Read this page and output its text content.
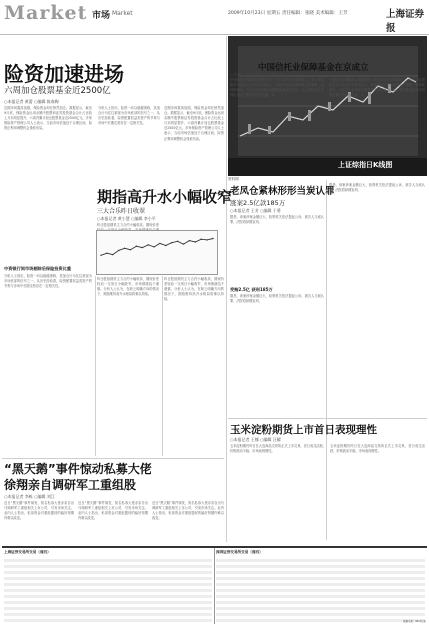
Market 市场 Market	2009年10月23日 星期五 责任编辑：张晓 美术编辑：王芳	上海证券报
险资加速进场
六周加仓股票基金近2500亿
○本报记者 黄蕾 ○编辑 陈春梅
近期市场震荡加剧，保险资金却在悄然加仓。数据显示，截至9月底，保险资金运用余额中股票和证券投资基金合计占比较上月末明显提升，六周内累计加仓股票基金近2500亿元。多家保险资产管理公司人士表示，当前市场估值处于合理区间，险资正利用调整机会逢低布局。
分析人士指出，险资一向以稳健著称，其加仓行为往往被视为市场底部的信号之一。从历史经验看，险资配置权益类资产的节奏与市场中长期走势存在一定相关性。
近期市场震荡加剧，保险资金却在悄然加仓。数据显示，截至9月底，保险资金运用余额中股票和证券投资基金合计占比较上月末明显提升，六周内累计加仓股票基金近2500亿元。多家保险资产管理公司人士表示，当前市场估值处于合理区间，险资正利用调整机会逢低布局。
中资银行间市场剔除后保险投资比重
分析人士指出，险资一向以稳健著称，其加仓行为往往被视为市场底部的信号之一。从历史经验看，险资配置权益类资产的节奏与市场中长期走势存在一定相关性。
上证综指日K线图
资料图
期指高升水小幅收窄
三大合乐昨日收翠
○本报记者 黄小慧 ○编辑 李小平
昨日股指期货主力合约小幅收高，期现价差
昨日股指期货主力合约小幅收高，期现价差较前一交易日小幅收窄，市场情绪趋于谨慎。分析人士认为，在缺乏明确方向的情况下，期指维持高升水格局将难以持续。
昨日股指期货主力合约小幅收高，期现价差较前一交易日小幅收窄，市场情绪趋于谨慎。分析人士认为，在缺乏明确方向的情况下，期指维持高升水格局将难以持续。
中国信托业保障基金在京成立
○本报记者 周鹏峰 ○编辑 孙放
中国信托业保障基金有限责任公司日前在北京揭牌成立。该公司注册资本金为人民币115.6亿元，将负责信托业保障基金的筹集、管理和使用，为信托行业风险处置提供流动性支持，标志着信托业市场化风险处置机制迈出关键一步。
中国信托业保障基金有限责任公司日前在北京揭牌成立。该公司注册资本金为人民币115.6亿元，将负责信托业保障基金的筹集、管理和使用，为信托行业风险处置提供流动性支持，标志着信托业市场化风险处置机制迈出关键一步。
老凤仓紧林形形当炭认罪
涨案2.5亿款185万
○本报记者 王芳 ○编辑 于勇
据悉，该案涉案金额巨大，检察机关依法提起公诉，被告人当庭认罪，法院将择期宣判。
受贿2.5亿 获刑185万
据悉，该案涉案金额巨大，检察机关依法提起公诉，被告人当庭认罪，法院将择期宣判。
据悉，该案涉案金额巨大，检察机关依法提起公诉，被告人当庭认罪，法院将择期宣判。
玉米淀粉期货上市首日表现理性
○本报记者 王娜 ○编辑 汪耀
玉米淀粉期货昨日在大连商品交易所正式上市交易，首日成交活跃，价格波动平稳，市场表现理性。
玉米淀粉期货昨日在大连商品交易所正式上市交易，首日成交活跃，价格波动平稳，市场表现理性。
“黑天鹅”事件惊动私募大佬
徐翔亲自调研军工重组股
○本报记者 李栋 ○编辑 刘江
近日“黑天鹅”事件频发，知名私募大佬亦亲自出马调研军工重组相关上市公司，引发市场关注。业内人士指出，私募资金对重组题材的偏好短期内难以改变。
近日“黑天鹅”事件频发，知名私募大佬亦亲自出马调研军工重组相关上市公司，引发市场关注。业内人士指出，私募资金对重组题材的偏好短期内难以改变。
近日“黑天鹅”事件频发，知名私募大佬亦亲自出马调研军工重组相关上市公司，引发市场关注。业内人士指出，私募资金对重组题材的偏好短期内难以改变。
上海证券交易所交易（周四）	深圳证券交易所交易（周四）
数据来源：Wind资讯
